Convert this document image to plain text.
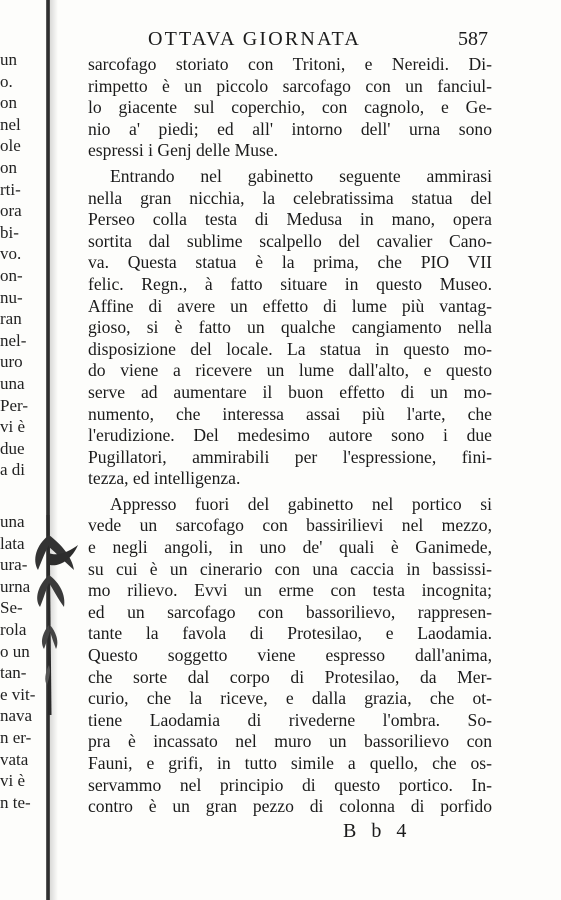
un
o.
on
nel
ole
on
rti-
ora
bi-
vo.
on-
nu-
ran
nel-
uro
una
Per-
vi è
due
a di
una
lata
ura-
urna
Se-
rola
o un
tan-
e vit-
nava
n er-
vata
vi è
n te-
OTTAVA GIORNATA	587
sarcofago storiato con Tritoni, e Nereidi. Di-
rimpetto è un piccolo sarcofago con un fanciul-
lo giacente sul coperchio, con cagnolo, e Ge-
nio a' piedi; ed all' intorno dell' urna sono
espressi i Genj delle Muse.
Entrando nel gabinetto seguente ammirasi
nella gran nicchia, la celebratissima statua del
Perseo colla testa di Medusa in mano, opera
sortita dal sublime scalpello del cavalier Cano-
va. Questa statua è la prima, che PIO VII
felic. Regn., à fatto situare in questo Museo.
Affine di avere un effetto di lume più vantag-
gioso, si è fatto un qualche cangiamento nella
disposizione del locale. La statua in questo mo-
do viene a ricevere un lume dall'alto, e questo
serve ad aumentare il buon effetto di un mo-
numento, che interessa assai più l'arte, che
l'erudizione. Del medesimo autore sono i due
Pugillatori, ammirabili per l'espressione, fini-
tezza, ed intelligenza.
Appresso fuori del gabinetto nel portico si
vede un sarcofago con bassirilievi nel mezzo,
e negli angoli, in uno de' quali è Ganimede,
su cui è un cinerario con una caccia in bassissi-
mo rilievo. Evvi un erme con testa incognita;
ed un sarcofago con bassorilievo, rappresen-
tante la favola di Protesilao, e Laodamia.
Questo soggetto viene espresso dall'anima,
che sorte dal corpo di Protesilao, da Mer-
curio, che la riceve, e dalla grazia, che ot-
tiene Laodamia di rivederne l'ombra. So-
pra è incassato nel muro un bassorilievo con
Fauni, e grifi, in tutto simile a quello, che os-
servammo nel principio di questo portico. In-
contro è un gran pezzo di colonna di porfido
B b 4
